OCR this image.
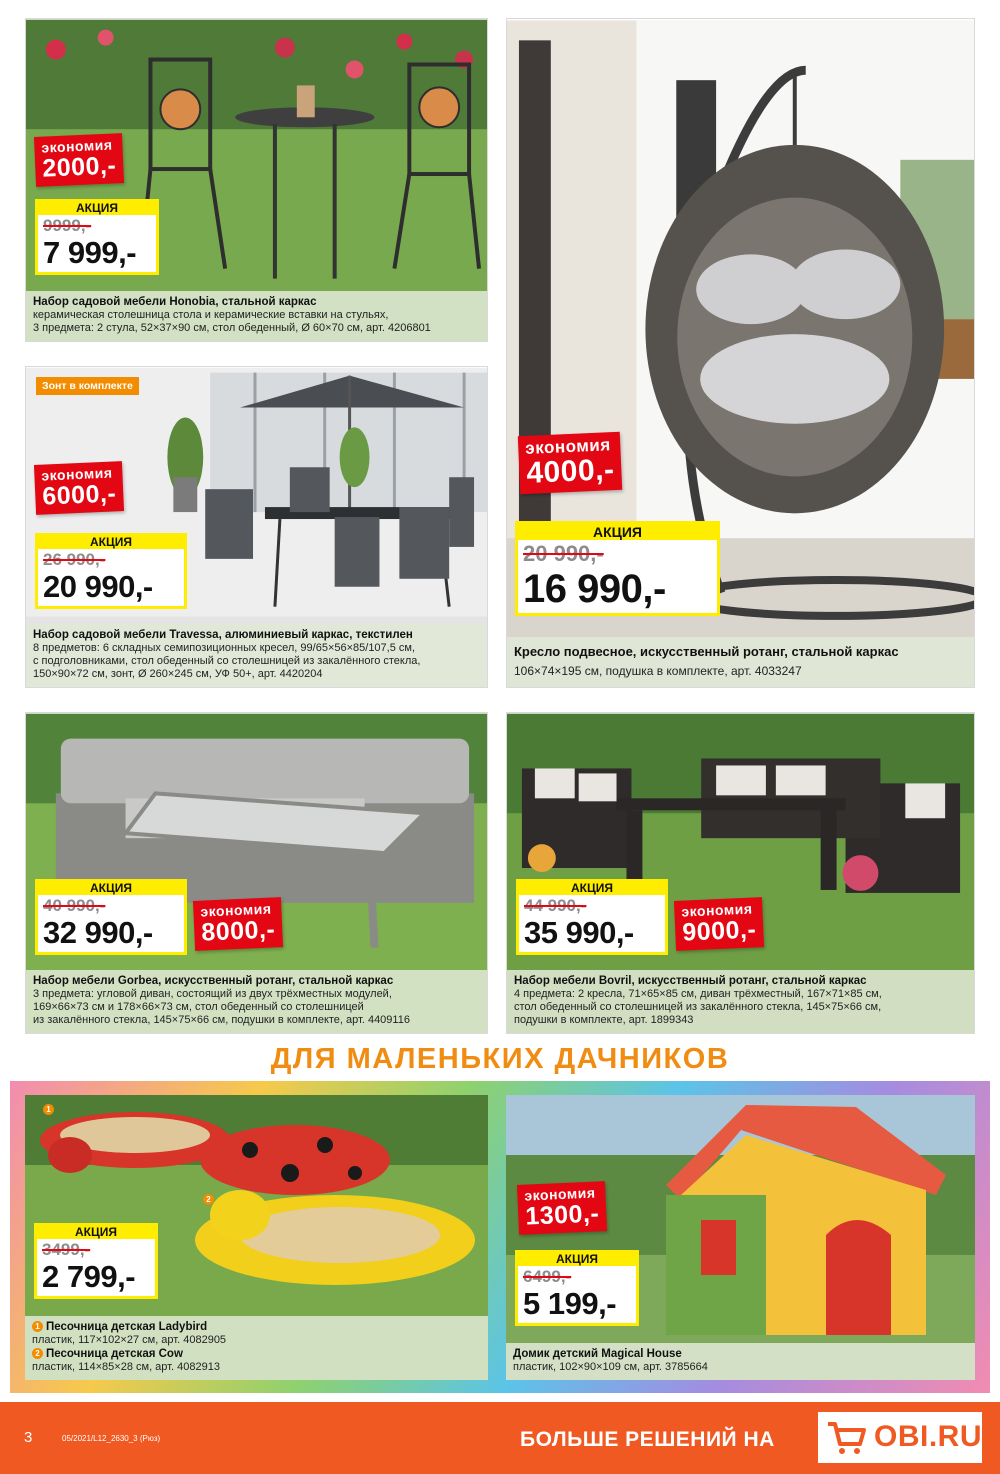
экономия
2000,-
АКЦИЯ
9999,-
7 999,-
Набор садовой мебели Honobia, стальной каркас
керамическая столешница стола и керамические вставки на стульях,
3 предмета: 2 стула, 52×37×90 см, стол обеденный, Ø 60×70 см, арт. 4206801
Зонт в комплекте
экономия
6000,-
АКЦИЯ
26 990,-
20 990,-
Набор садовой мебели Travessa, алюминиевый каркас, текстилен
8 предметов: 6 складных семипозиционных кресел, 99/65×56×85/107,5 см,
с подголовниками, стол обеденный со столешницей из закалённого стекла,
150×90×72 см, зонт, Ø 260×245 см, УФ 50+, арт. 4420204
экономия
4000,-
АКЦИЯ
20 990,-
16 990,-
Кресло подвесное, искусственный ротанг, стальной каркас
106×74×195 см, подушка в комплекте, арт. 4033247
АКЦИЯ
40 990,-
32 990,-
экономия
8000,-
Набор мебели Gorbea, искусственный ротанг, стальной каркас
3 предмета: угловой диван, состоящий из двух трёхместных модулей,
169×66×73 см и 178×66×73 см, стол обеденный со столешницей
из закалённого стекла, 145×75×66 см, подушки в комплекте, арт. 4409116
АКЦИЯ
44 990,-
35 990,-
экономия
9000,-
Набор мебели Bovril, искусственный ротанг, стальной каркас
4 предмета: 2 кресла, 71×65×85 см, диван трёхместный, 167×71×85 см,
стол обеденный со столешницей из закалённого стекла, 145×75×66 см,
подушки в комплекте, арт. 1899343
ДЛЯ МАЛЕНЬКИХ ДАЧНИКОВ
1
2
АКЦИЯ
3499,-
2 799,-
1 Песочница детская Ladybird
пластик, 117×102×27 см, арт. 4082905
2 Песочница детская Cow
пластик, 114×85×28 см, арт. 4082913
экономия
1300,-
АКЦИЯ
6499,-
5 199,-
Домик детский Magical House
пластик, 102×90×109 см, арт. 3785664
3	05/2021/L12_2630_3 (Рюз)	БОЛЬШЕ РЕШЕНИЙ НА	OBI.RU
